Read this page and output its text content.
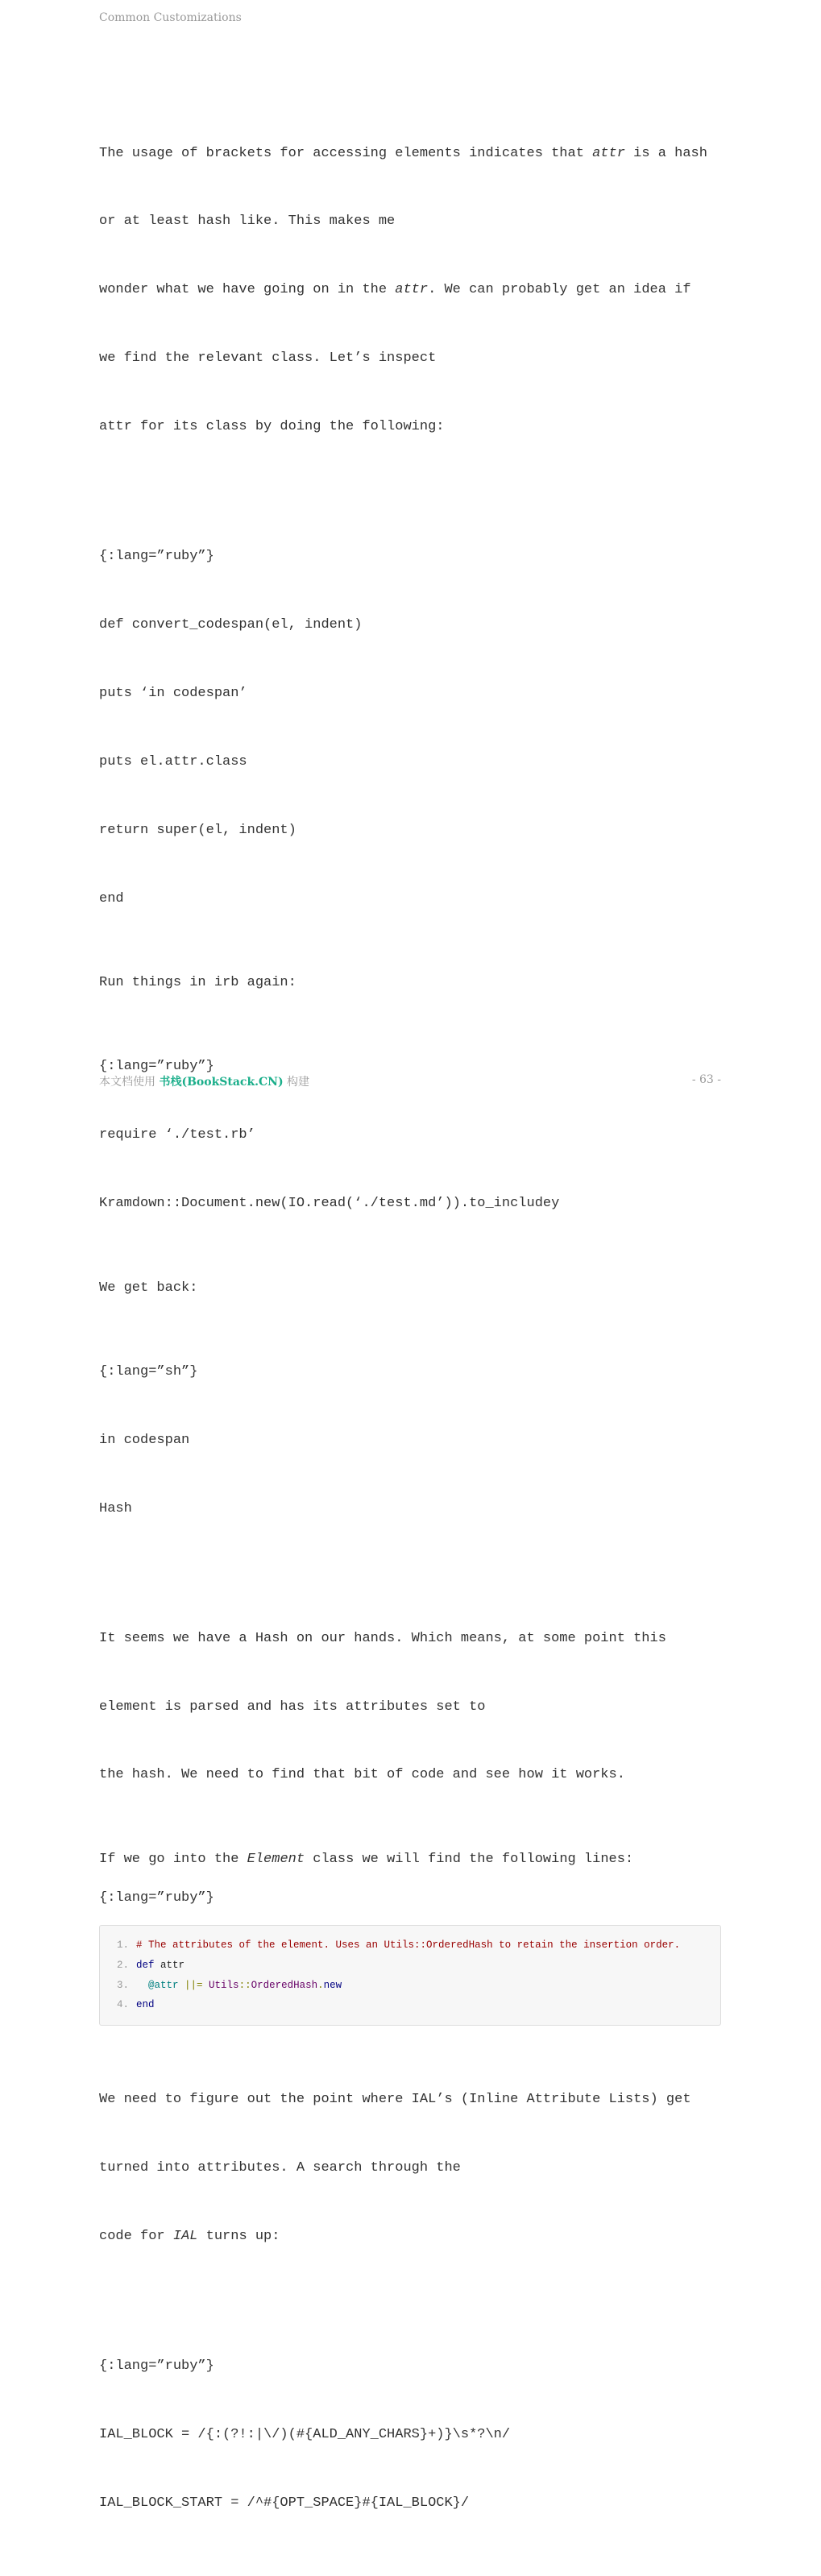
Common Customizations

The usage of brackets for accessing elements indicates that attr is a hash

or at least hash like. This makes me

wonder what we have going on in the attr. We can probably get an idea if

we find the relevant class. Let’s inspect

attr for its class by doing the following:

{:lang=”ruby”}

def convert_codespan(el, indent)

puts ‘in codespan’

puts el.attr.class

return super(el, indent)

end

Run things in irb again:

{:lang=”ruby”}

require ‘./test.rb’

Kramdown::Document.new(IO.read(‘./test.md’)).to_includey

We get back:

{:lang=”sh”}

in codespan

Hash

It seems we have a Hash on our hands. Which means, at some point this

element is parsed and has its attributes set to

the hash. We need to find that bit of code and see how it works.

If we go into the Element class we will find the following lines:
{:lang=”ruby”}
1. # The attributes of the element. Uses an Utils::OrderedHash to retain the insertion order.
2. def attr
3.
	@attr ||= Utils :: OrderedHash . new
4. end

We need to figure out the point where IAL’s (Inline Attribute Lists) get

turned into attributes. A search through the

code for IAL turns up:

{:lang=”ruby”}

IAL_BLOCK = /{:(?!:|\/)(#{ALD_ANY_CHARS}+)}\s*?\n/

IAL_BLOCK_START = /^#{OPT_SPACE}#{IAL_BLOCK}/

本文档使用 书栈(BookStack.CN) 构建	- 63 -
